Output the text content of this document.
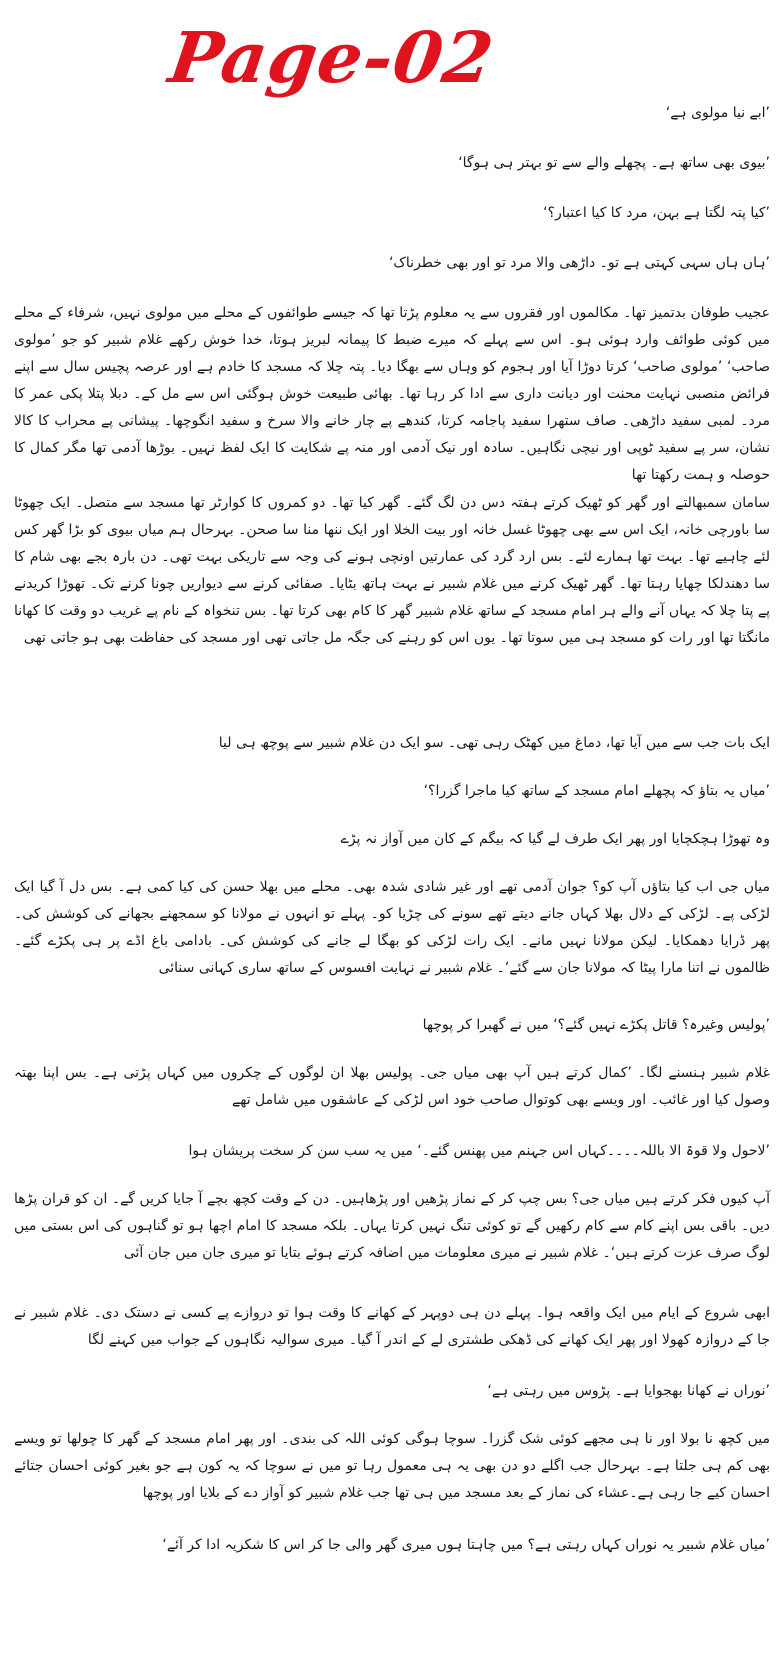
Page-02

’ابے نیا مولوی ہے‘

’بیوی بھی ساتھ ہے۔ پچھلے والے سے تو بہتر ہی ہوگا‘

’کیا پتہ لگتا ہے بہن، مرد کا کیا اعتبار؟‘

’ہاں ہاں سہی کہتی ہے تو۔ داڑھی والا مرد تو اور بھی خطرناک‘

عجیب طوفان بدتمیز تھا۔ مکالموں اور فقروں سے یہ معلوم پڑتا تھا کہ جیسے طوائفوں کے محلے میں مولوی نہیں، شرفاء کے محلے میں کوئی طوائف وارد ہوئی ہو۔ اس سے پہلے کہ میرے ضبط کا پیمانہ لبریز ہوتا، خدا خوش رکھے غلام شبیر کو جو ’مولوی صاحب‘ ’مولوی صاحب‘ کرتا دوڑا آیا اور ہجوم کو وہاں سے بھگا دیا۔ پتہ چلا کہ مسجد کا خادم ہے اور عرصہ پچیس سال سے اپنے فرائض منصبی نہایت محنت اور دیانت داری سے ادا کر رہا تھا۔ بھائی طبیعت خوش ہوگئی اس سے مل کے۔ دبلا پتلا پکی عمر کا مرد۔ لمبی سفید داڑھی۔ صاف ستھرا سفید پاجامہ کرتا، کندھے پے چار خانے والا سرخ و سفید انگوچھا۔ پیشانی پے محراب کا کالا نشان، سر پے سفید ٹوپی اور نیچی نگاہیں۔ سادہ اور نیک آدمی اور منہ پے شکایت کا ایک لفظ نہیں۔ بوڑھا آدمی تھا مگر کمال کا حوصلہ و ہمت رکھتا تھا

سامان سمبھالتے اور گھر کو ٹھیک کرتے ہفتہ دس دن لگ گئے۔ گھر کیا تھا۔ دو کمروں کا کوارٹر تھا مسجد سے متصل۔ ایک چھوٹا سا باورچی خانہ، ایک اس سے بھی چھوٹا غسل خانہ اور بیت الخلا اور ایک ننھا منا سا صحن۔ بہرحال ہم میاں بیوی کو بڑا گھر کس لئے چاہیے تھا۔ بہت تھا ہمارے لئے۔ بس ارد گرد کی عمارتیں اونچی ہونے کی وجہ سے تاریکی بہت تھی۔ دن بارہ بجے بھی شام کا سا دھندلکا چھایا رہتا تھا۔ گھر ٹھیک کرنے میں غلام شبیر نے بہت ہاتھ بٹایا۔ صفائی کرنے سے دیواریں چونا کرنے تک۔ تھوڑا کریدنے پے پتا چلا کہ یہاں آنے والے ہر امام مسجد کے ساتھ غلام شبیر گھر کا کام بھی کرتا تھا۔ بس تنخواہ کے نام پے غریب دو وقت کا کھانا مانگتا تھا اور رات کو مسجد ہی میں سوتا تھا۔ یوں اس کو رہنے کی جگہ مل جاتی تھی اور مسجد کی حفاظت بھی ہو جاتی تھی

ایک بات جب سے میں آیا تھا، دماغ میں کھٹک رہی تھی۔ سو ایک دن غلام شبیر سے پوچھ ہی لیا

’میاں یہ بتاؤ کہ پچھلے امام مسجد کے ساتھ کیا ماجرا گزرا؟‘

وہ تھوڑا ہچکچایا اور پھر ایک طرف لے گیا کہ بیگم کے کان میں آواز نہ پڑے

میاں جی اب کیا بتاؤں آپ کو؟ جوان آدمی تھے اور غیر شادی شدہ بھی۔ محلے میں بھلا حسن کی کیا کمی ہے۔ بس دل آ گیا ایک لڑکی پے۔ لڑکی کے دلال بھلا کہاں جانے دیتے تھے سونے کی چڑیا کو۔ پہلے تو انہوں نے مولانا کو سمجھنے بجھانے کی کوشش کی۔ پھر ڈرایا دھمکایا۔ لیکن مولانا نہیں مانے۔ ایک رات لڑکی کو بھگا لے جانے کی کوشش کی۔ بادامی باغ اڈے پر ہی پکڑے گئے۔ ظالموں نے اتنا مارا پیٹا کہ مولانا جان سے گئے‘۔ غلام شبیر نے نہایت افسوس کے ساتھ ساری کہانی سنائی

’پولیس وغیرہ؟ قاتل پکڑے نہیں گئے؟‘ میں نے گھبرا کر پوچھا

غلام شبیر ہنسنے لگا۔ ’کمال کرتے ہیں آپ بھی میاں جی۔ پولیس بھلا ان لوگوں کے چکروں میں کہاں پڑتی ہے۔ بس اپنا بھتہ وصول کیا اور غائب۔ اور ویسے بھی کوتوال صاحب خود اس لڑکی کے عاشقوں میں شامل تھے

’لاحول ولا قوۃ الا باللہ۔۔۔۔کہاں اس جہنم میں پھنس گئے۔‘ میں یہ سب سن کر سخت پریشان ہوا

آپ کیوں فکر کرتے ہیں میاں جی؟ بس چپ کر کے نماز پڑھیں اور پڑھاہیں۔ دن کے وقت کچھ بچے آ جایا کریں گے۔ ان کو قران پڑھا دیں۔ باقی بس اپنے کام سے کام رکھیں گے تو کوئی تنگ نہیں کرتا یہاں۔ بلکہ مسجد کا امام اچھا ہو تو گناہوں کی اس بستی میں لوگ صرف عزت کرتے ہیں‘۔ غلام شبیر نے میری معلومات میں اضافہ کرتے ہوئے بتایا تو میری جان میں جان آئی

ابھی شروع کے ایام میں ایک واقعہ ہوا۔ پہلے دن ہی دوپہر کے کھانے کا وقت ہوا تو دروازے پے کسی نے دستک دی۔ غلام شبیر نے جا کے دروازہ کھولا اور پھر ایک کھانے کی ڈھکی طشتری لے کے اندر آ گیا۔ میری سوالیہ نگاہوں کے جواب میں کہنے لگا

’نوراں نے کھانا بھجوایا ہے۔ پڑوس میں رہتی ہے‘

میں کچھ نا بولا اور نا ہی مجھے کوئی شک گزرا۔ سوچا ہوگی کوئی اللہ کی بندی۔ اور پھر امام مسجد کے گھر کا چولھا تو ویسے بھی کم ہی جلتا ہے۔ بہرحال جب اگلے دو دن بھی یہ ہی معمول رہا تو میں نے سوچا کہ یہ کون ہے جو بغیر کوئی احسان جتائے احسان کیے جا رہی ہے۔عشاء کی نماز کے بعد مسجد میں ہی تھا جب غلام شبیر کو آواز دے کے بلایا اور پوچھا

’میاں غلام شبیر یہ نوراں کہاں رہتی ہے؟ میں چاہتا ہوں میری گھر والی جا کر اس کا شکریہ ادا کر آئے‘
